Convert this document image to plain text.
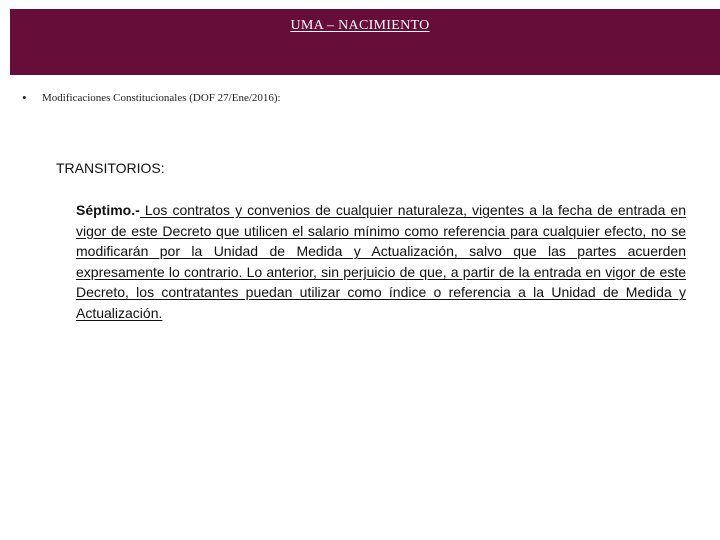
UMA – NACIMIENTO
• Modificaciones Constitucionales (DOF 27/Ene/2016):
TRANSITORIOS:
Séptimo.- Los contratos y convenios de cualquier naturaleza, vigentes a la fecha de entrada en vigor de este Decreto que utilicen el salario mínimo como referencia para cualquier efecto, no se modificarán por la Unidad de Medida y Actualización, salvo que las partes acuerden expresamente lo contrario. Lo anterior, sin perjuicio de que, a partir de la entrada en vigor de este Decreto, los contratantes puedan utilizar como índice o referencia a la Unidad de Medida y Actualización.
